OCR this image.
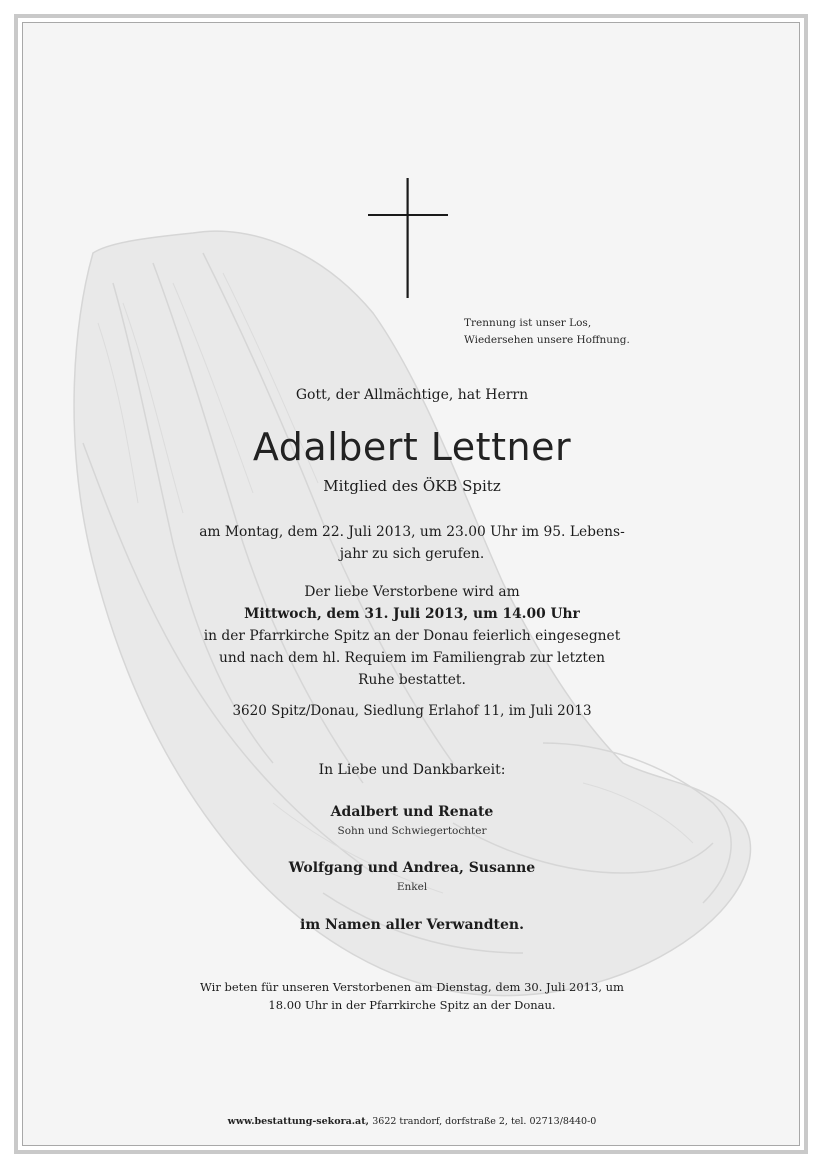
Trennung ist unser Los,
Wiedersehen unsere Hoffnung.
Gott, der Allmächtige, hat Herrn
Adalbert Lettner
Mitglied des ÖKB Spitz
am Montag, dem 22. Juli 2013, um 23.00 Uhr im 95. Lebens-
jahr zu sich gerufen.
Der liebe Verstorbene wird am
Mittwoch, dem 31. Juli 2013, um 14.00 Uhr
in der Pfarrkirche Spitz an der Donau feierlich eingesegnet
und nach dem hl. Requiem im Familiengrab zur letzten
Ruhe bestattet.
3620 Spitz/Donau, Siedlung Erlahof 11, im Juli 2013
In Liebe und Dankbarkeit:
Adalbert und Renate
Sohn und Schwiegertochter
Wolfgang und Andrea, Susanne
Enkel
im Namen aller Verwandten.
Wir beten für unseren Verstorbenen am Dienstag, dem 30. Juli 2013, um
18.00 Uhr in der Pfarrkirche Spitz an der Donau.
www.bestattung-sekora.at, 3622 trandorf, dorfstraße 2, tel. 02713/8440-0
